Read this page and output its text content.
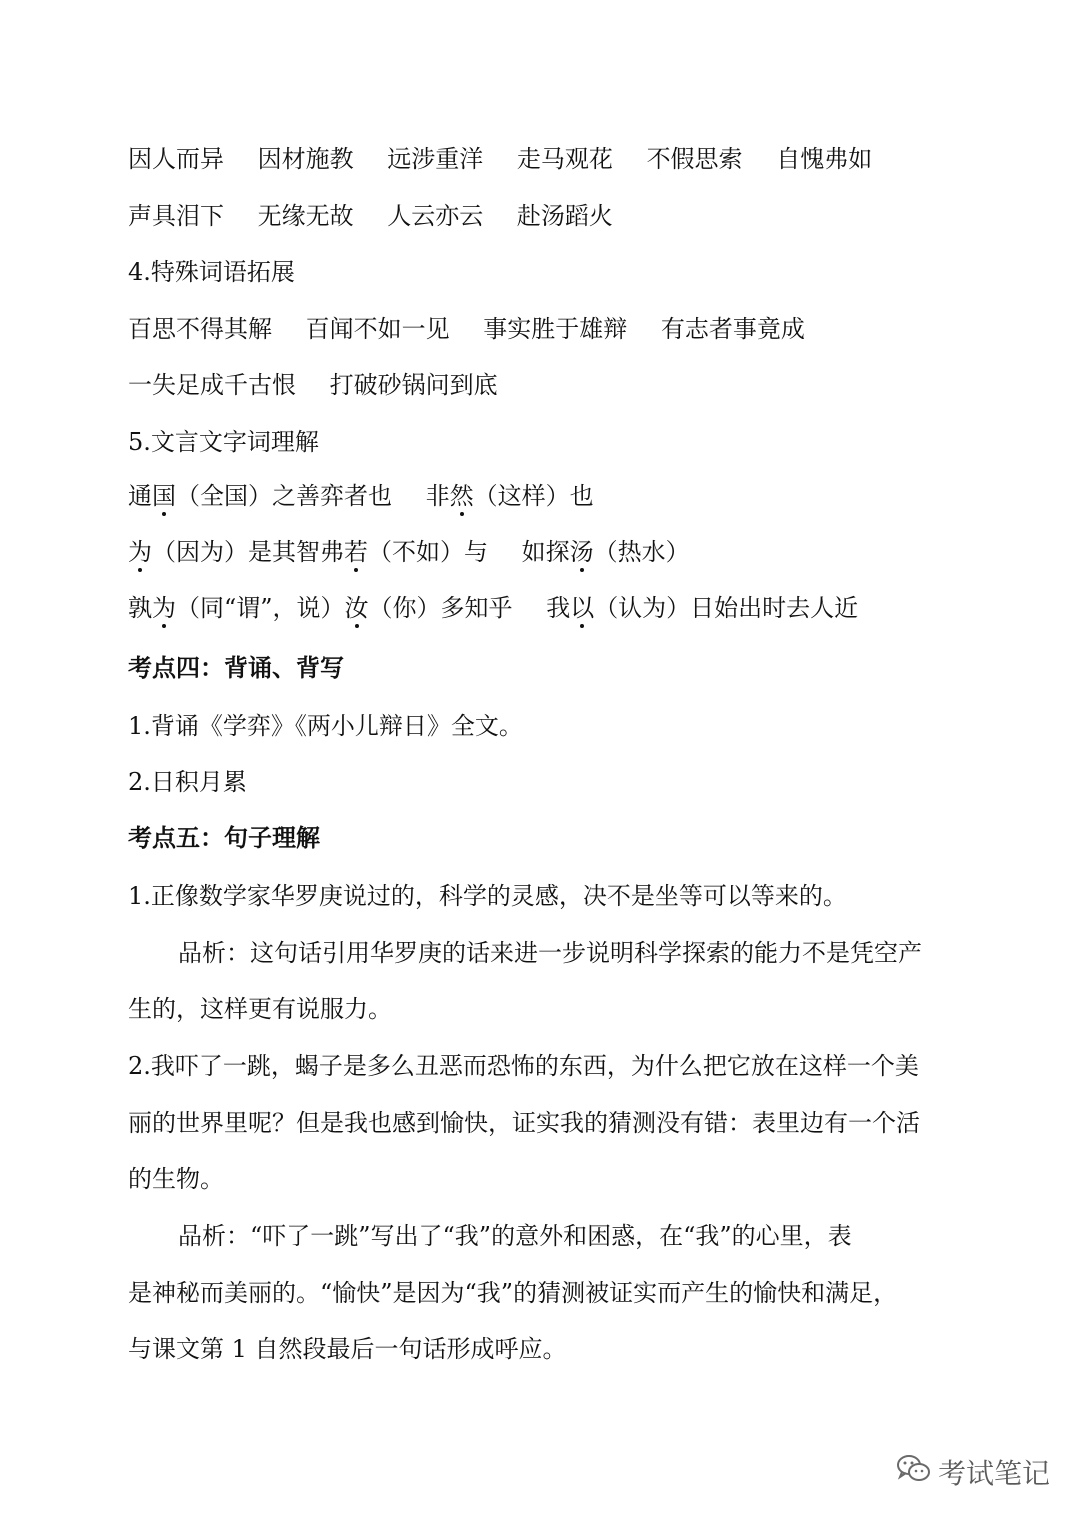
因人而异 因材施教 远涉重洋 走马观花 不假思索 自愧弗如
声具泪下 无缘无故 人云亦云 赴汤蹈火
4.特殊词语拓展
百思不得其解 百闻不如一见 事实胜于雄辩 有志者事竟成
一失足成千古恨 打破砂锅问到底
5.文言文字词理解
通国（全国）之善弈者也 非然（这样）也
为（因为）是其智弗若（不如）与 如探汤（热水）
孰为（同“谓”，说）汝（你）多知乎 我以（认为）日始出时去人近
考点四：背诵、背写
1.背诵《学弈》《两小儿辩日》全文。
2.日积月累
考点五：句子理解
1.正像数学家华罗庚说过的，科学的灵感，决不是坐等可以等来的。
品析：这句话引用华罗庚的话来进一步说明科学探索的能力不是凭空产
生的，这样更有说服力。
2.我吓了一跳，蝎子是多么丑恶而恐怖的东西，为什么把它放在这样一个美
丽的世界里呢？但是我也感到愉快，证实我的猜测没有错：表里边有一个活
的生物。
品析：“吓了一跳”写出了“我”的意外和困惑，在“我”的心里，表
是神秘而美丽的。“愉快”是因为“我”的猜测被证实而产生的愉快和满足，
与课文第 1 自然段最后一句话形成呼应。
考试笔记
